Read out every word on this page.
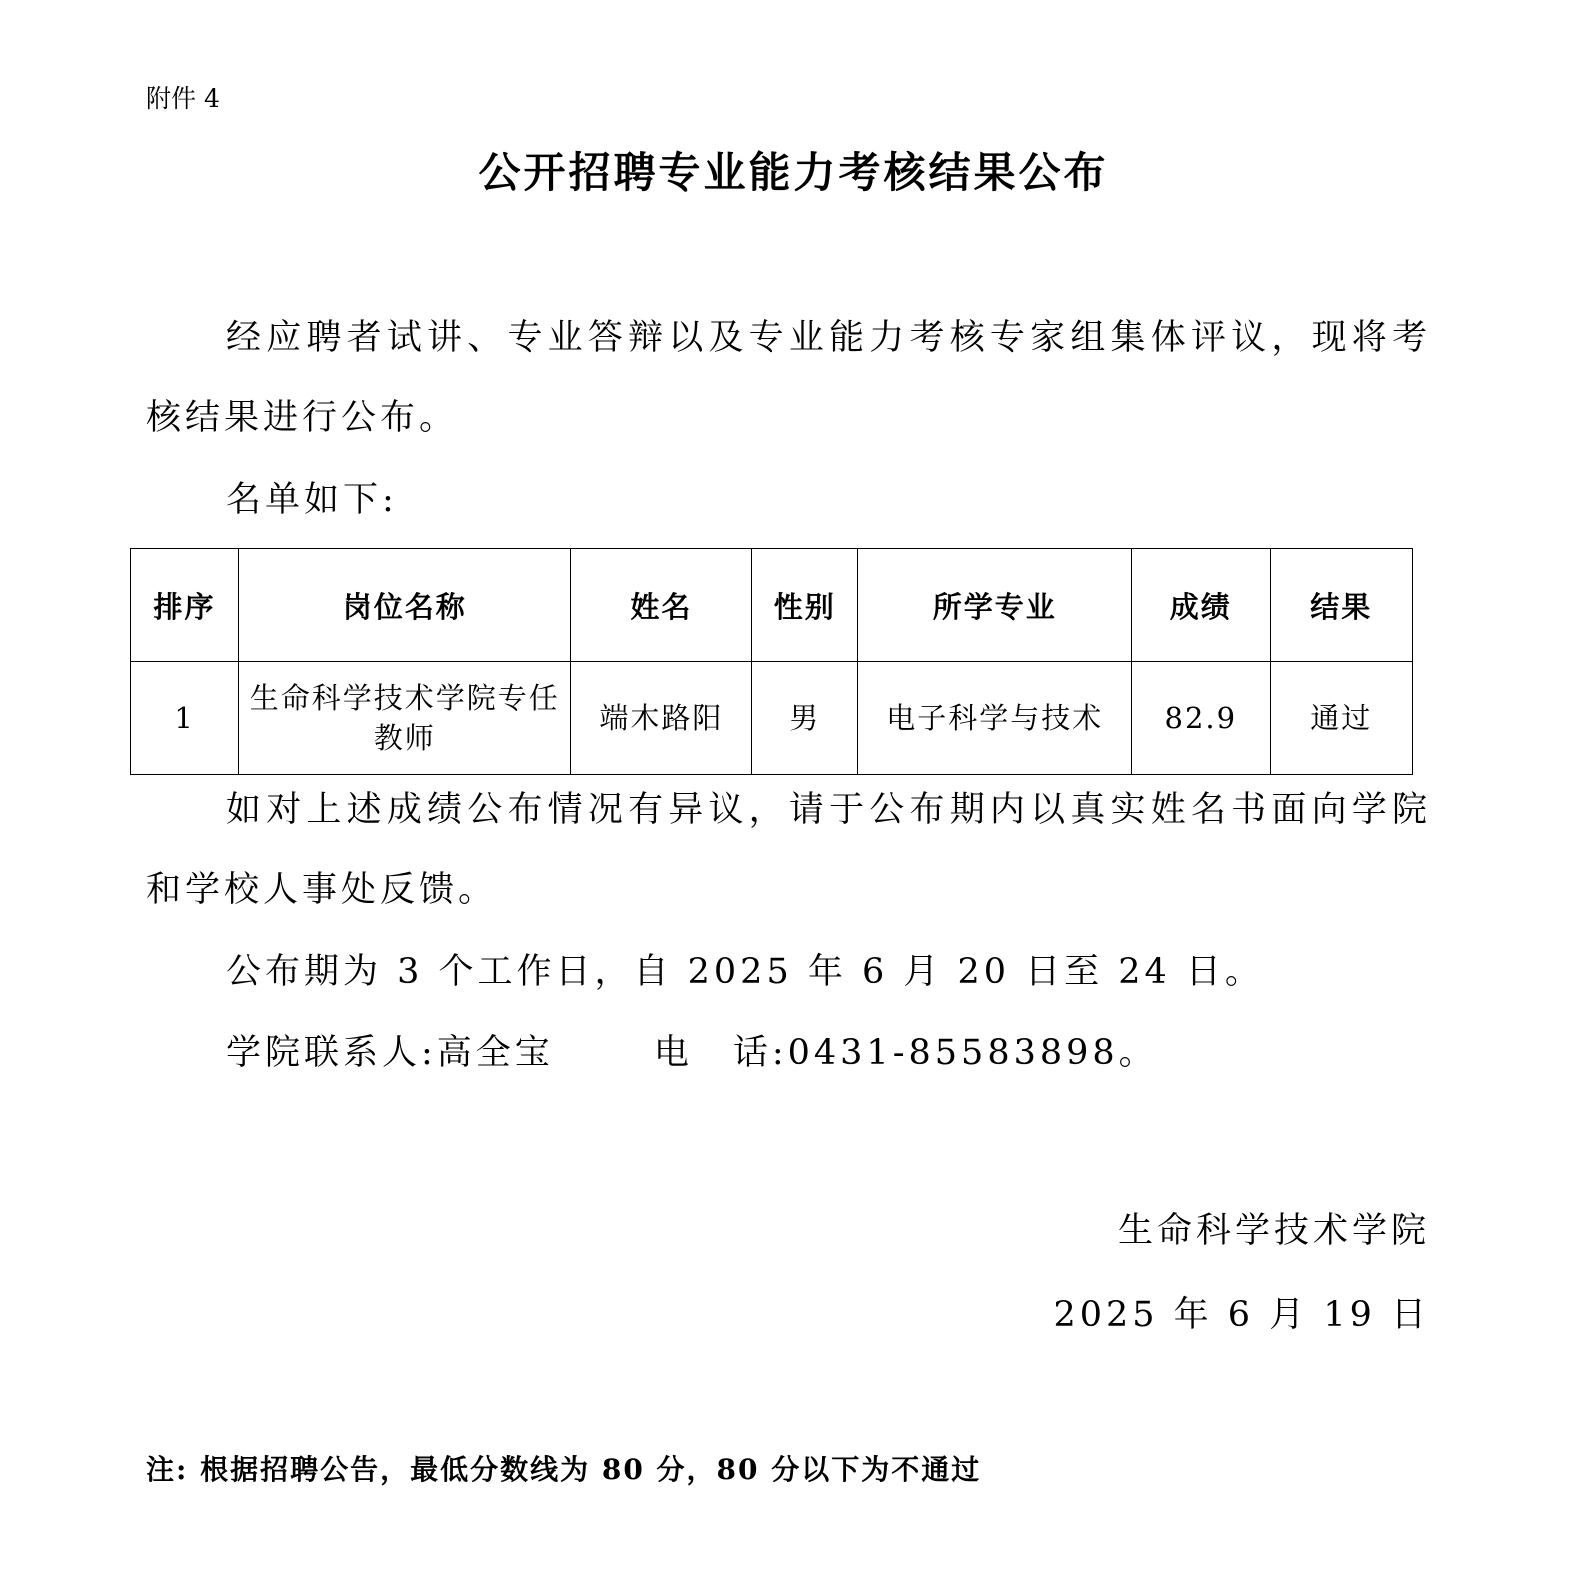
附件 4
公开招聘专业能力考核结果公布

经应聘者试讲、专业答辩以及专业能力考核专家组集体评议，现将考核结果进行公布。

名单如下:

排序	岗位名称	姓名	性别	所学专业	成绩	结果
1	生命科学技术学院专任教师	端木路阳	男	电子科学与技术	82.9	通过

如对上述成绩公布情况有异议，请于公布期内以真实姓名书面向学院和学校人事处反馈。

公布期为 3 个工作日，自 2025 年 6 月 20 日至 24 日。

学院联系人:高全宝	电 话:0431-85583898。

生命科学技术学院
2025 年 6 月 19 日
注: 根据招聘公告，最低分数线为 80 分，80 分以下为不通过
